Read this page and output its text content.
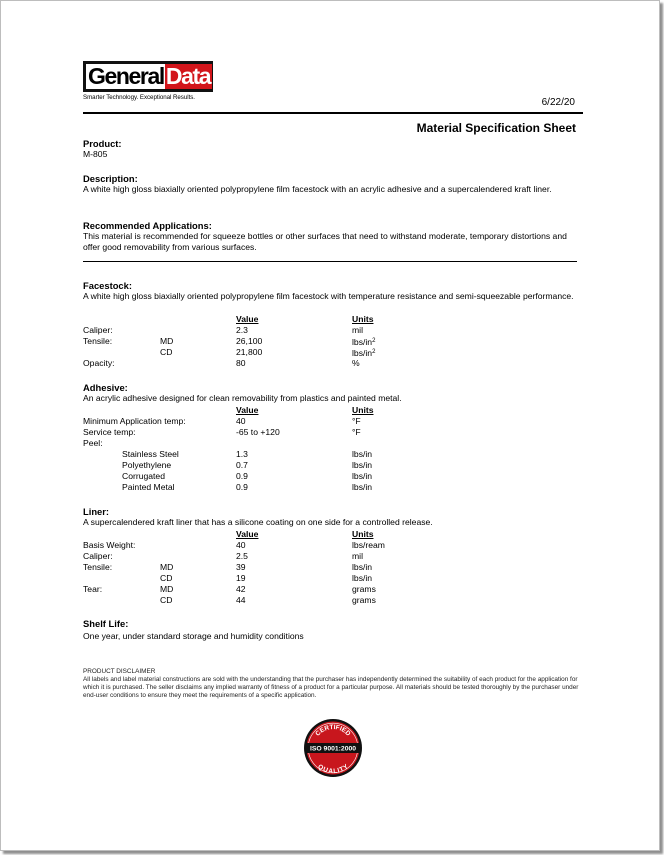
General Data
Smarter Technology. Exceptional Results.	6/22/20
Material Specification Sheet
Product:
M-805
Description:
A white high gloss biaxially oriented polypropylene film facestock with an acrylic adhesive and a supercalendered kraft liner.
Recommended Applications:
This material is recommended for squeeze bottles or other surfaces that need to withstand moderate, temporary distortions and offer good removability from various surfaces.
Facestock:
A white high gloss biaxially oriented polypropylene film facestock with temperature resistance and semi-squeezable performance.
Value	Units
Caliper:	2.3	mil
Tensile:	MD	26,100	lbs/$in^2$
CD	21,800	lbs/$in^2$
Opacity:	80	%
Adhesive:
An acrylic adhesive designed for clean removability from plastics and painted metal.
Value	Units
Minimum Application temp:	40	°F
Service temp:	-65 to +120	°F
Peel:
Stainless Steel	1.3	lbs/in
Polyethylene	0.7	lbs/in
Corrugated	0.9	lbs/in
Painted Metal	0.9	lbs/in
Liner:
A supercalendered kraft liner that has a silicone coating on one side for a controlled release.
Value	Units
Basis Weight:	40	lbs/ream
Caliper:	2.5	mil
Tensile:	MD	39	lbs/in
CD	19	lbs/in
Tear:	MD	42	grams
CD	44	grams
Shelf Life:
One year, under standard storage and humidity conditions
PRODUCT DISCLAIMER
All labels and label material constructions are sold with the understanding that the purchaser has independently determined the suitability of each product for the application for which it is purchased. The seller disclaims any implied warranty of fitness of a product for a particular purpose. All materials should be tested thoroughly by the purchaser under end-user conditions to ensure they meet the requirements of a specific application.
CERTIFIED
QUALITY
ISO 9001:2000
